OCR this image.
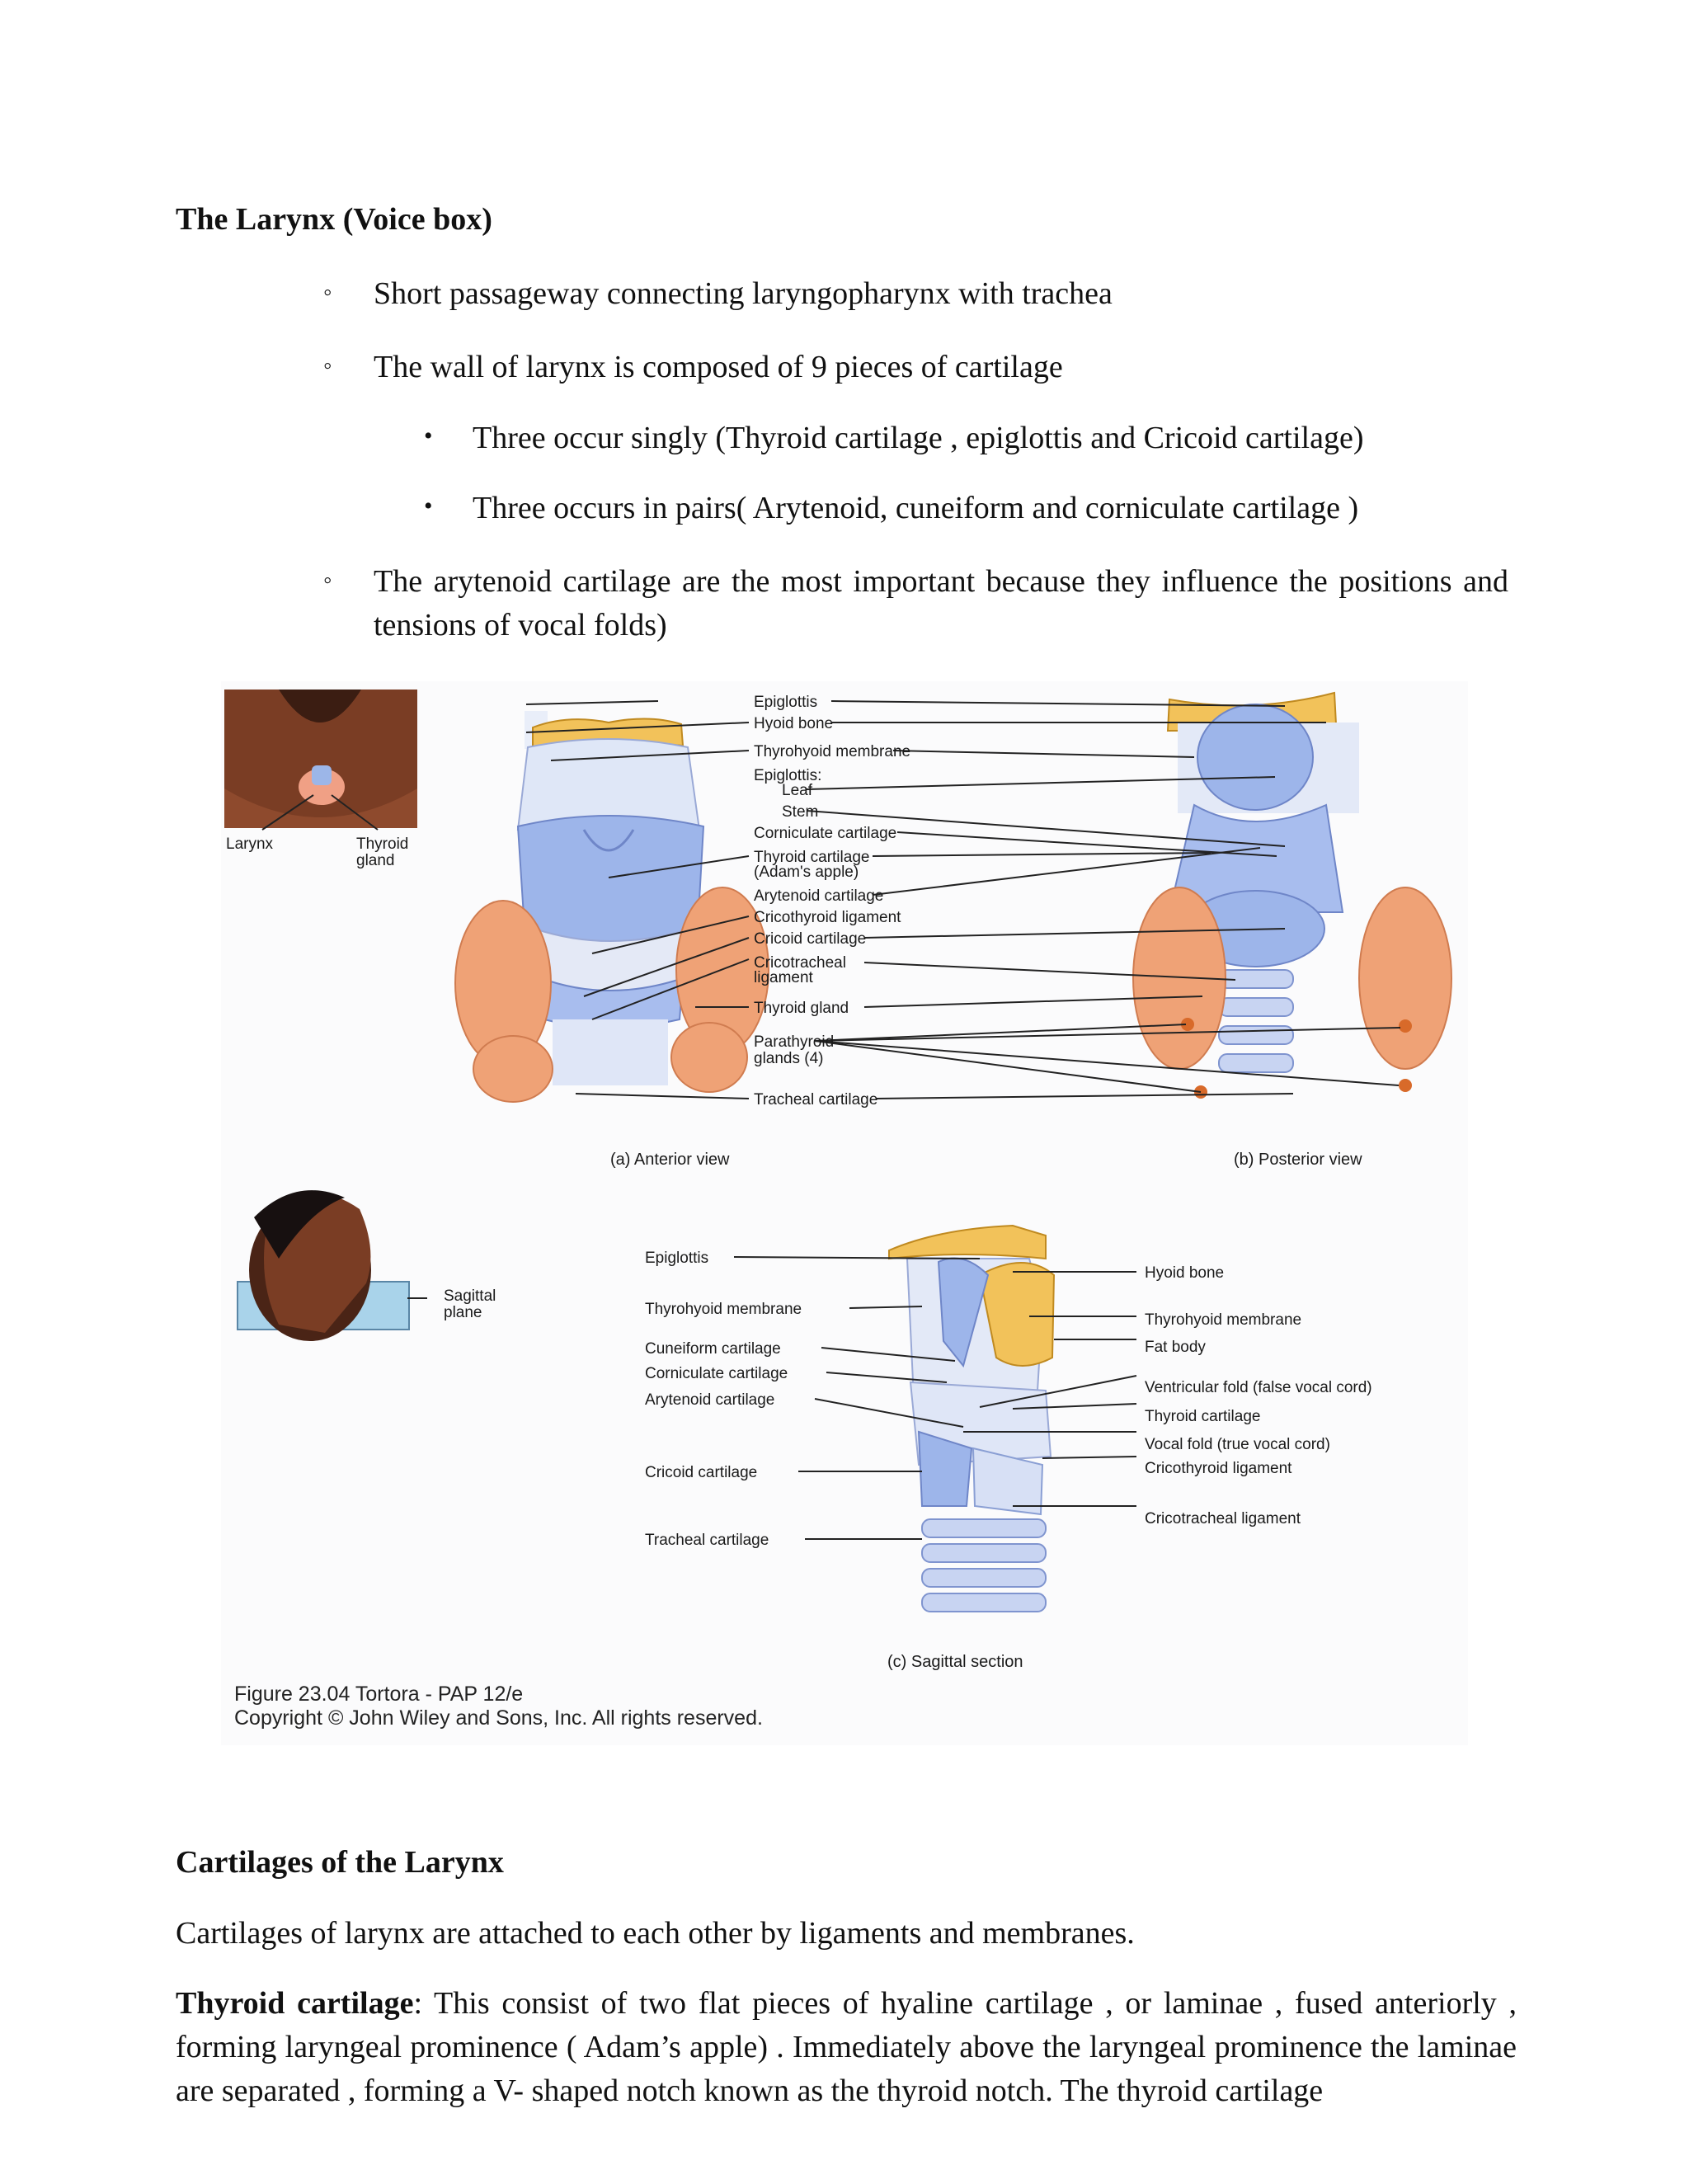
The Larynx (Voice box)
◦ Short passageway connecting laryngopharynx with trachea
◦ The wall of larynx is composed of 9 pieces of cartilage
• Three occur singly (Thyroid cartilage , epiglottis and Cricoid cartilage)
• Three occurs in pairs( Arytenoid, cuneiform and corniculate cartilage )
◦ The arytenoid cartilage are the most important because they influence the positions and tensions of vocal folds)
Larynx	Thyroid
gland
Epiglottis
Hyoid bone
Thyrohyoid membrane
Epiglottis:
Leaf
Stem
Corniculate cartilage
Thyroid cartilage
(Adam's apple)
Arytenoid cartilage
Cricothyroid ligament
Cricoid cartilage
Cricotracheal
ligament
Thyroid gland
Parathyroid
glands (4)
Tracheal cartilage
(a) Anterior view	(b) Posterior view
Sagittal
plane
Epiglottis
Thyrohyoid membrane
Cuneiform cartilage
Corniculate cartilage
Arytenoid cartilage
Cricoid cartilage
Tracheal cartilage
Hyoid bone
Thyrohyoid membrane
Fat body
Ventricular fold (false vocal cord)
Thyroid cartilage
Vocal fold (true vocal cord)
Cricothyroid ligament
Cricotracheal ligament
(c) Sagittal section
Figure 23.04 Tortora - PAP 12/e
Copyright © John Wiley and Sons, Inc. All rights reserved.
Cartilages of the Larynx
Cartilages of larynx are attached to each other by ligaments and membranes.
Thyroid cartilage: This consist of two flat pieces of hyaline cartilage , or laminae , fused anteriorly , forming laryngeal prominence ( Adam’s apple) . Immediately above the laryngeal prominence the laminae are separated , forming a V- shaped notch known as the thyroid notch. The thyroid cartilage
